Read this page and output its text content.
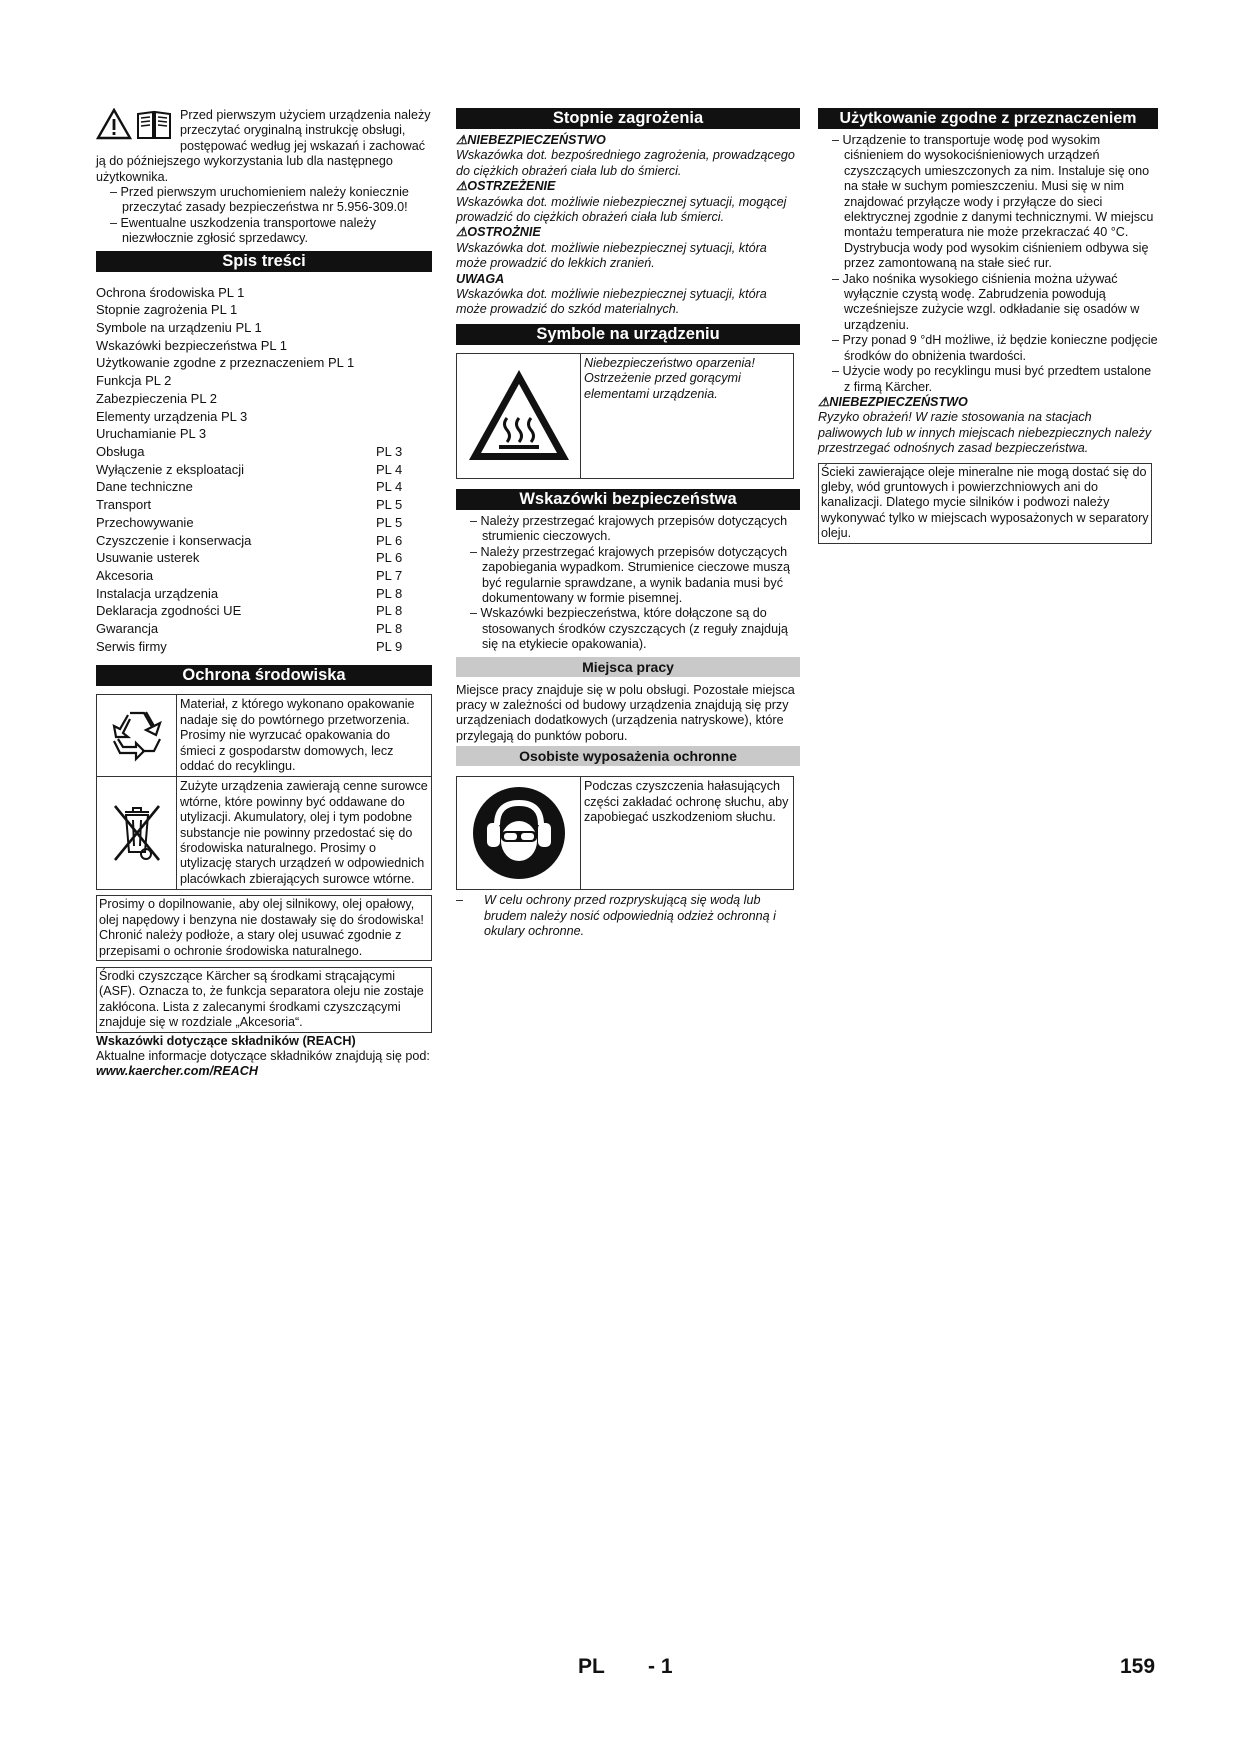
Przed pierwszym użyciem urządzenia należy przeczytać oryginalną instrukcję obsługi, postępować według jej wskazań i zachować ją do późniejszego wykorzystania lub dla następnego użytkownika.

– Przed pierwszym uruchomieniem należy koniecznie przeczytać zasady bezpieczeństwa nr 5.956-309.0!

– Ewentualne uszkodzenia transportowe należy niezwłocznie zgłosić sprzedawcy.

Spis treści
Ochrona środowiska PL 1
Stopnie zagrożenia PL 1
Symbole na urządzeniu PL 1
Wskazówki bezpieczeństwa PL 1
Użytkowanie zgodne z przeznaczeniem PL 1
Funkcja PL 2
Zabezpieczenia PL 2
Elementy urządzenia PL 3
Uruchamianie PL 3
Obsługa	PL 3
Wyłączenie z eksploatacji	PL 4
Dane techniczne	PL 4
Transport	PL 5
Przechowywanie	PL 5
Czyszczenie i konserwacja	PL 6
Usuwanie usterek	PL 6
Akcesoria	PL 7
Instalacja urządzenia	PL 8
Deklaracja zgodności UE	PL 8
Gwarancja	PL 8
Serwis firmy	PL 9
Ochrona środowiska
Materiał, z którego wykonano opakowanie nadaje się do powtórnego przetworzenia. Prosimy nie wyrzucać opakowania do śmieci z gospodarstw domowych, lecz oddać do recyklingu.
Zużyte urządzenia zawierają cenne surowce wtórne, które powinny być oddawane do utylizacji. Akumulatory, olej i tym podobne substancje nie powinny przedostać się do środowiska naturalnego. Prosimy o utylizację starych urządzeń w odpowiednich placówkach zbierających surowce wtórne.

Prosimy o dopilnowanie, aby olej silnikowy, olej opałowy, olej napędowy i benzyna nie dostawały się do środowiska! Chronić należy podłoże, a stary olej usuwać zgodnie z przepisami o ochronie środowiska naturalnego.

Środki czyszczące Kärcher są środkami strącającymi (ASF). Oznacza to, że funkcja separatora oleju nie zostaje zakłócona. Lista z zalecanymi środkami czyszczącymi znajduje się w rozdziale „Akcesoria“.

Wskazówki dotyczące składników (REACH)

Aktualne informacje dotyczące składników znajdują się pod:

www.kaercher.com/REACH

Stopnie zagrożenia

⚠NIEBEZPIECZEŃSTWO

Wskazówka dot. bezpośredniego zagrożenia, prowadzącego do ciężkich obrażeń ciała lub do śmierci.

⚠OSTRZEŻENIE

Wskazówka dot. możliwie niebezpiecznej sytuacji, mogącej prowadzić do ciężkich obrażeń ciała lub śmierci.

⚠OSTROŻNIE

Wskazówka dot. możliwie niebezpiecznej sytuacji, która może prowadzić do lekkich zranień.

UWAGA

Wskazówka dot. możliwie niebezpiecznej sytuacji, która może prowadzić do szkód materialnych.

Symbole na urządzeniu
Niebezpieczeństwo oparzenia! Ostrzeżenie przed gorącymi elementami urządzenia.
Wskazówki bezpieczeństwa

– Należy przestrzegać krajowych przepisów dotyczących strumienic cieczowych.

– Należy przestrzegać krajowych przepisów dotyczących zapobiegania wypadkom. Strumienice cieczowe muszą być regularnie sprawdzane, a wynik badania musi być dokumentowany w formie pisemnej.

– Wskazówki bezpieczeństwa, które dołączone są do stosowanych środków czyszczących (z reguły znajdują się na etykiecie opakowania).

Miejsca pracy

Miejsce pracy znajduje się w polu obsługi. Pozostałe miejsca pracy w zależności od budowy urządzenia znajdują się przy urządzeniach dodatkowych (urządzenia natryskowe), które przylegają do punktów poboru.

Osobiste wyposażenia ochronne
Podczas czyszczenia hałasujących części zakładać ochronę słuchu, aby zapobiegać uszkodzeniom słuchu.
–	W celu ochrony przed rozpryskującą się wodą lub brudem należy nosić odpowiednią odzież ochronną i okulary ochronne.

Użytkowanie zgodne z przeznaczeniem

– Urządzenie to transportuje wodę pod wysokim ciśnieniem do wysokociśnieniowych urządzeń czyszczących umieszczonych za nim. Instaluje się ono na stałe w suchym pomieszczeniu. Musi się w nim znajdować przyłącze wody i przyłącze do sieci elektrycznej zgodnie z danymi technicznymi. W miejscu montażu temperatura nie może przekraczać 40 °C. Dystrybucja wody pod wysokim ciśnieniem odbywa się przez zamontowaną na stałe sieć rur.

– Jako nośnika wysokiego ciśnienia można używać wyłącznie czystą wodę. Zabrudzenia powodują wcześniejsze zużycie wzgl. odkładanie się osadów w urządzeniu.

– Przy ponad 9 °dH możliwe, iż będzie konieczne podjęcie środków do obniżenia twardości.

– Użycie wody po recyklingu musi być przedtem ustalone z firmą Kärcher.

⚠NIEBEZPIECZEŃSTWO

Ryzyko obrażeń! W razie stosowania na stacjach paliwowych lub w innych miejscach niebezpiecznych należy przestrzegać odnośnych zasad bezpieczeństwa.

Ścieki zawierające oleje mineralne nie mogą dostać się do gleby, wód gruntowych i powierzchniowych ani do kanalizacji. Dlatego mycie silników i podwozi należy wykonywać tylko w miejscach wyposażonych w separatory oleju.

PL - 1	159
